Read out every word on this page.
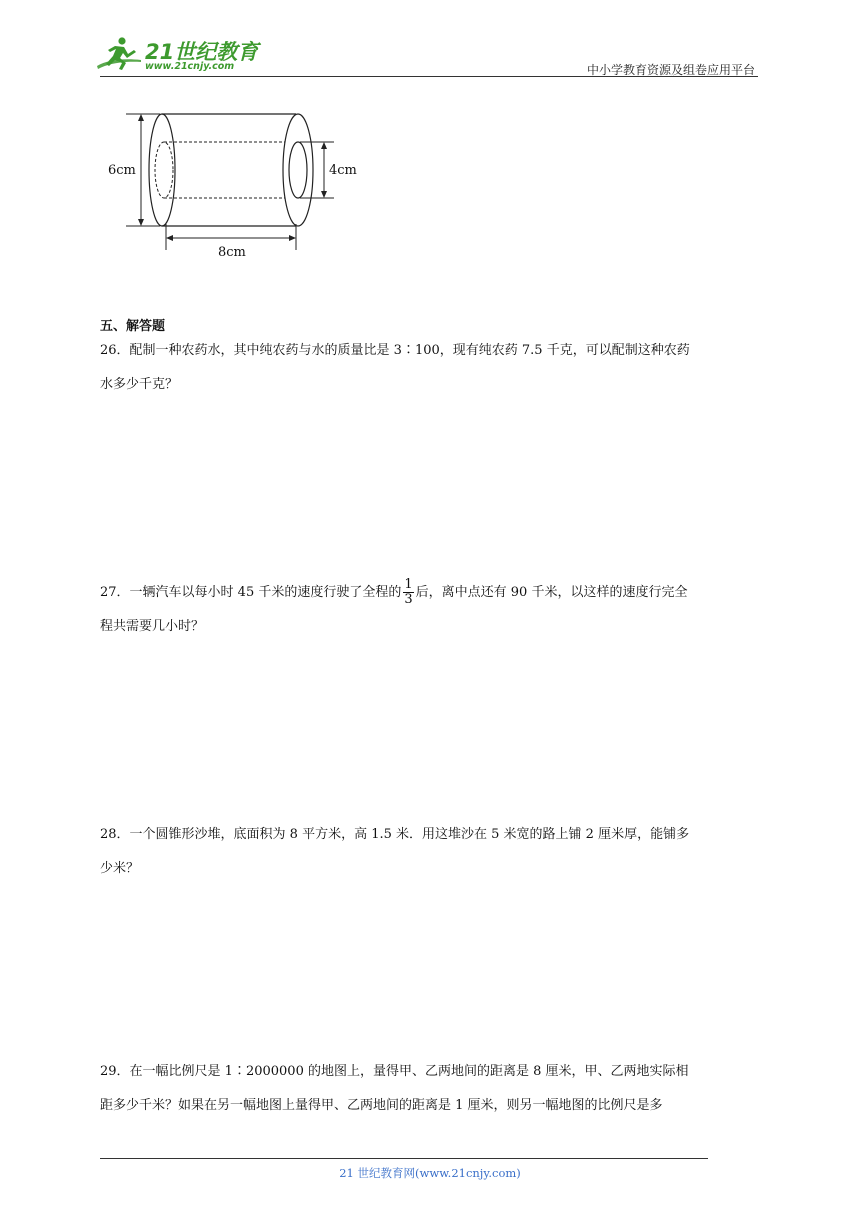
21世纪教育
www.21cnjy.com	中小学教育资源及组卷应用平台
6cm	4cm
8cm
五、解答题
26．配制一种农药水，其中纯农药与水的质量比是 3∶100，现有纯农药 7.5 千克，可以配制这种农药
水多少千克？
27．一辆汽车以每小时 45 千米的速度行驶了全程的 $\frac{1}{3}$ 后，离中点还有 90 千米，以这样的速度行完全
程共需要几小时？
28．一个圆锥形沙堆，底面积为 8 平方米，高 1.5 米．用这堆沙在 5 米宽的路上铺 2 厘米厚，能铺多
少米？
29．在一幅比例尺是 1∶2000000 的地图上，量得甲、乙两地间的距离是 8 厘米，甲、乙两地实际相
距多少千米？如果在另一幅地图上量得甲、乙两地间的距离是 1 厘米，则另一幅地图的比例尺是多
21 世纪教育网(www.21cnjy.com)
